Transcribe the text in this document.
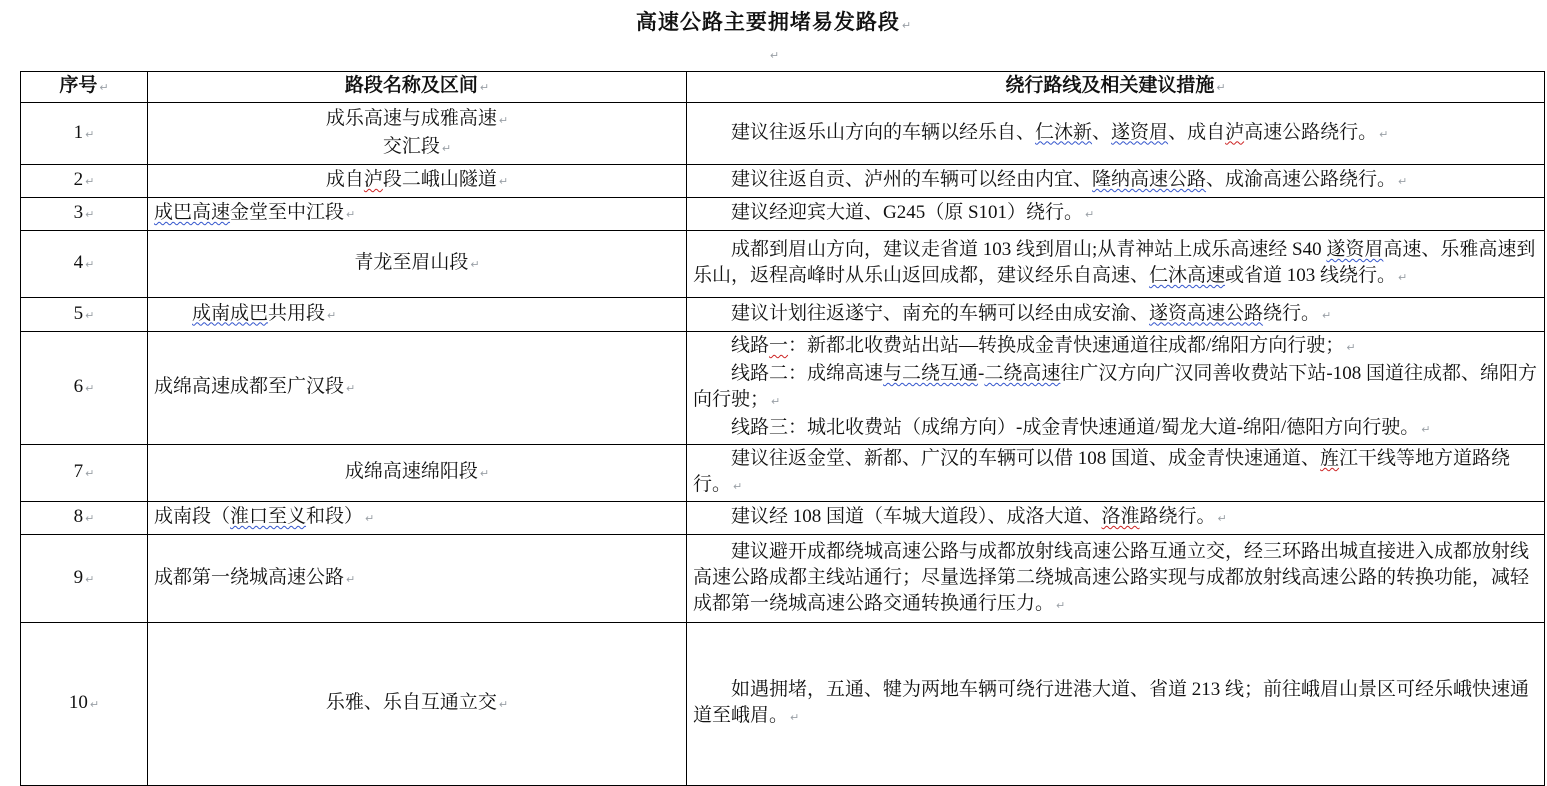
高速公路主要拥堵易发路段 ↵
↵
序号 ↵	路段名称及区间 ↵	绕行路线及相关建议措施 ↵

1 ↵	成乐高速与成雅高速 ↵
交汇段 ↵	建议往返乐山方向的车辆以经乐自、仁沐新、遂资眉、成自泸高速公路绕行。 ↵

2 ↵	成自泸段二峨山隧道 ↵	建议往返自贡、泸州的车辆可以经由内宜、隆纳高速公路、成渝高速公路绕行。 ↵

3 ↵	成巴高速金堂至中江段 ↵	建议经迎宾大道、G245（原 S101）绕行。 ↵

4 ↵	青龙至眉山段 ↵	成都到眉山方向，建议走省道 103 线到眉山;从青神站上成乐高速经 S40 遂资眉高速、乐雅高速到乐山，返程高峰时从乐山返回成都，建议经乐自高速、仁沐高速或省道 103 线绕行。 ↵

5 ↵	成南成巴共用段 ↵	建议计划往返遂宁、南充的车辆可以经由成安渝、遂资高速公路绕行。 ↵

6 ↵	成绵高速成都至广汉段 ↵	线路一：新都北收费站出站—转换成金青快速通道往成都/绵阳方向行驶； ↵
线路二：成绵高速与二绕互通-二绕高速往广汉方向广汉同善收费站下站-108 国道往成都、绵阳方向行驶； ↵
线路三：城北收费站（成绵方向）-成金青快速通道/蜀龙大道-绵阳/德阳方向行驶。 ↵

7 ↵	成绵高速绵阳段 ↵	建议往返金堂、新都、广汉的车辆可以借 108 国道、成金青快速通道、旌江干线等地方道路绕行。 ↵

8 ↵	成南段（淮口至义和段） ↵	建议经 108 国道（车城大道段）、成洛大道、洛淮路绕行。 ↵

9 ↵	成都第一绕城高速公路 ↵	建议避开成都绕城高速公路与成都放射线高速公路互通立交，经三环路出城直接进入成都放射线高速公路成都主线站通行；尽量选择第二绕城高速公路实现与成都放射线高速公路的转换功能，减轻成都第一绕城高速公路交通转换通行压力。 ↵

10 ↵	乐雅、乐自互通立交 ↵	如遇拥堵，五通、犍为两地车辆可绕行进港大道、省道 213 线；前往峨眉山景区可经乐峨快速通道至峨眉。 ↵
